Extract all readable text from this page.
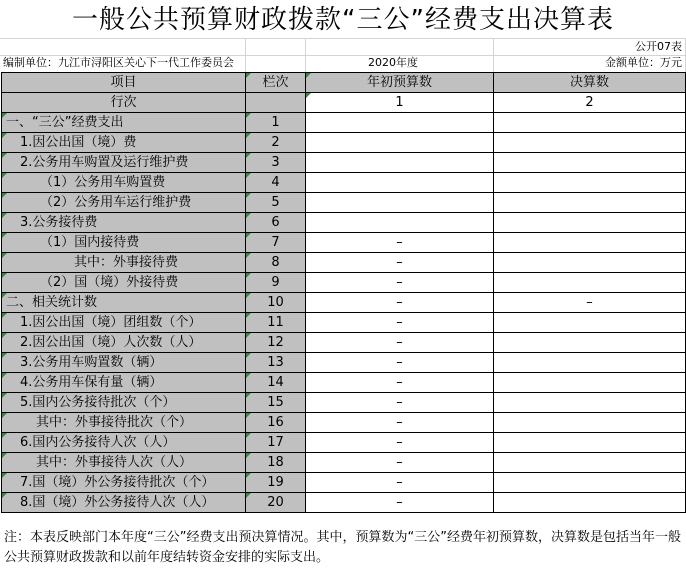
一般公共预算财政拨款“三公”经费支出决算表
公开07表
编制单位：九江市浔阳区关心下一代工作委员会	2020年度	金额单位：万元
项目	栏次	年初预算数	决算数
行次		1	2
一、“三公”经费支出	1		
1.因公出国（境）费	2		
2.公务用车购置及运行维护费	3		
（1）公务用车购置费	4		
（2）公务用车运行维护费	5		
3.公务接待费	6		
（1）国内接待费	7	–	
其中：外事接待费	8	–	
（2）国（境）外接待费	9	–	
二、相关统计数	10	–	–
1.因公出国（境）团组数（个）	11	–	
2.因公出国（境）人次数（人）	12	–	
3.公务用车购置数（辆）	13	–	
4.公务用车保有量（辆）	14	–	
5.国内公务接待批次（个）	15	–	
其中：外事接待批次（个）	16	–	
6.国内公务接待人次（人）	17	–	
其中：外事接待人次（人）	18	–	
7.国（境）外公务接待批次（个）	19	–	
8.国（境）外公务接待人次（人）	20	–	
注：本表反映部门本年度“三公”经费支出预决算情况。其中，预算数为“三公”经费年初预算数，决算数是包括当年一般公共预算财政拨款和以前年度结转资金安排的实际支出。
